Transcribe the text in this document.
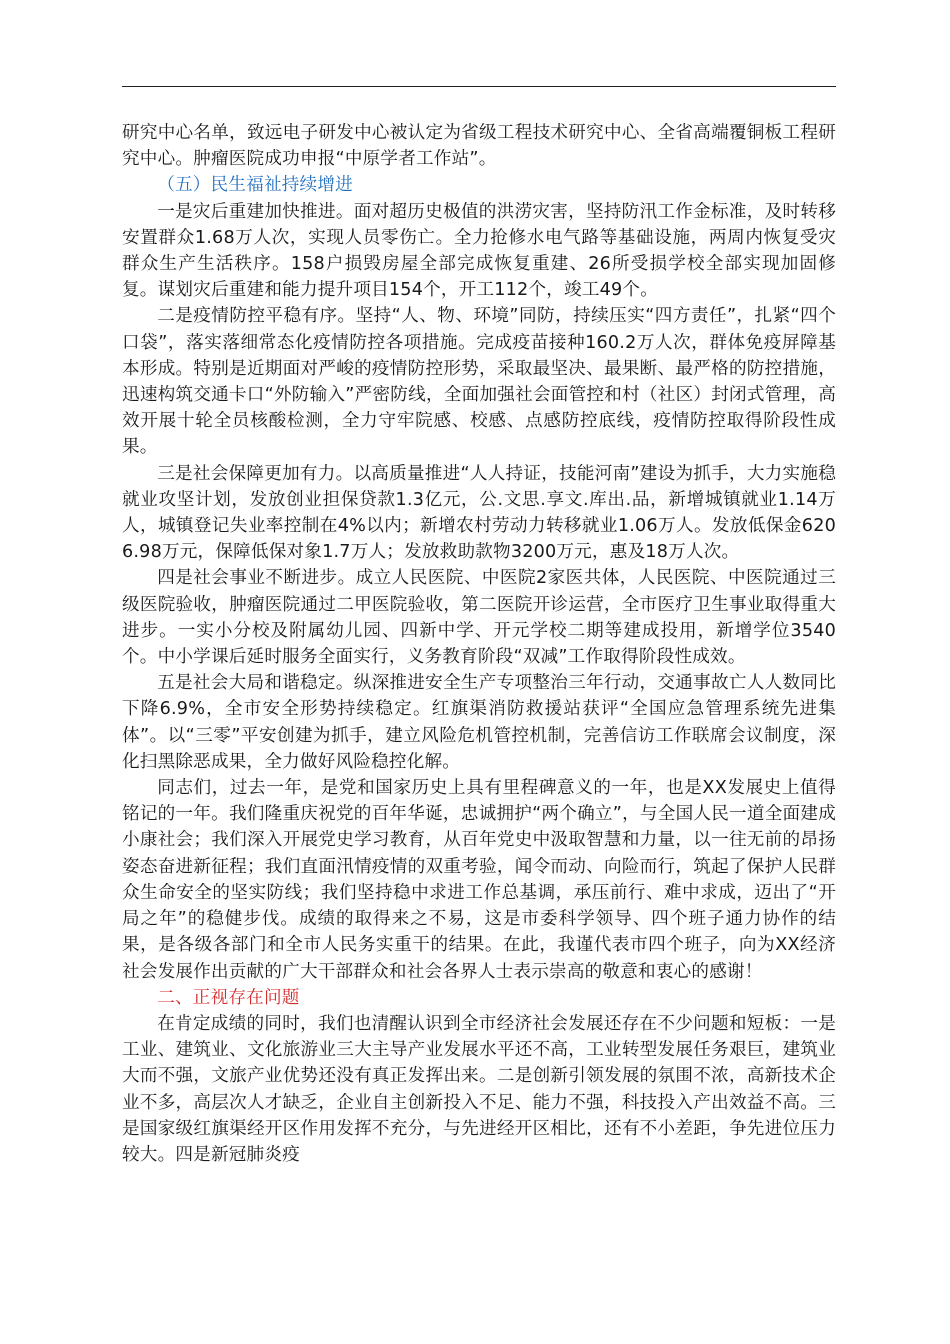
研究中心名单，致远电子研发中心被认定为省级工程技术研究中心、全省高端覆铜板工程研究中心。肿瘤医院成功申报“中原学者工作站”。

（五）民生福祉持续增进

一是灾后重建加快推进。面对超历史极值的洪涝灾害，坚持防汛工作金标准，及时转移安置群众1.68万人次，实现人员零伤亡。全力抢修水电气路等基础设施，两周内恢复受灾群众生产生活秩序。158户损毁房屋全部完成恢复重建、26所受损学校全部实现加固修复。谋划灾后重建和能力提升项目154个，开工112个，竣工49个。

二是疫情防控平稳有序。坚持“人、物、环境”同防，持续压实“四方责任”，扎紧“四个口袋”，落实落细常态化疫情防控各项措施。完成疫苗接种160.2万人次，群体免疫屏障基本形成。特别是近期面对严峻的疫情防控形势，采取最坚决、最果断、最严格的防控措施，迅速构筑交通卡口“外防输入”严密防线，全面加强社会面管控和村（社区）封闭式管理，高效开展十轮全员核酸检测，全力守牢院感、校感、点感防控底线，疫情防控取得阶段性成果。

三是社会保障更加有力。以高质量推进“人人持证，技能河南”建设为抓手，大力实施稳就业攻坚计划，发放创业担保贷款1.3亿元，公.文思.享文.库出.品，新增城镇就业1.14万人，城镇登记失业率控制在4%以内；新增农村劳动力转移就业1.06万人。发放低保金6206.98万元，保障低保对象1.7万人；发放救助款物3200万元，惠及18万人次。

四是社会事业不断进步。成立人民医院、中医院2家医共体，人民医院、中医院通过三级医院验收，肿瘤医院通过二甲医院验收，第二医院开诊运营，全市医疗卫生事业取得重大进步。一实小分校及附属幼儿园、四新中学、开元学校二期等建成投用，新增学位3540个。中小学课后延时服务全面实行，义务教育阶段“双减”工作取得阶段性成效。

五是社会大局和谐稳定。纵深推进安全生产专项整治三年行动，交通事故亡人人数同比下降6.9%，全市安全形势持续稳定。红旗渠消防救援站获评“全国应急管理系统先进集体”。以“三零”平安创建为抓手，建立风险危机管控机制，完善信访工作联席会议制度，深化扫黑除恶成果，全力做好风险稳控化解。

同志们，过去一年，是党和国家历史上具有里程碑意义的一年，也是XX发展史上值得铭记的一年。我们隆重庆祝党的百年华诞，忠诚拥护“两个确立”，与全国人民一道全面建成小康社会；我们深入开展党史学习教育，从百年党史中汲取智慧和力量，以一往无前的昂扬姿态奋进新征程；我们直面汛情疫情的双重考验，闻令而动、向险而行，筑起了保护人民群众生命安全的坚实防线；我们坚持稳中求进工作总基调，承压前行、难中求成，迈出了“开局之年”的稳健步伐。成绩的取得来之不易，这是市委科学领导、四个班子通力协作的结果，是各级各部门和全市人民务实重干的结果。在此，我谨代表市四个班子，向为XX经济社会发展作出贡献的广大干部群众和社会各界人士表示崇高的敬意和衷心的感谢！

二、正视存在问题

在肯定成绩的同时，我们也清醒认识到全市经济社会发展还存在不少问题和短板：一是工业、建筑业、文化旅游业三大主导产业发展水平还不高，工业转型发展任务艰巨，建筑业大而不强，文旅产业优势还没有真正发挥出来。二是创新引领发展的氛围不浓，高新技术企业不多，高层次人才缺乏，企业自主创新投入不足、能力不强，科技投入产出效益不高。三是国家级红旗渠经开区作用发挥不充分，与先进经开区相比，还有不小差距，争先进位压力较大。四是新冠肺炎疫
